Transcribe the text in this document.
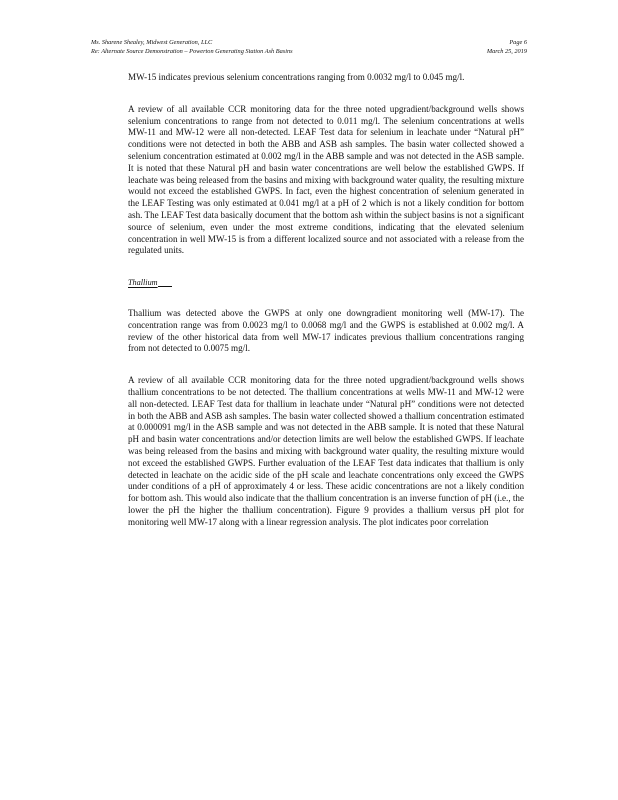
Ms. Sharene Shealey, Midwest Generation, LLC	Page 6
Re: Alternate Source Demonstration – Powerton Generating Station Ash Basins	March 25, 2019

MW-15 indicates previous selenium concentrations ranging from 0.0032 mg/l to 0.045 mg/l.

A review of all available CCR monitoring data for the three noted upgradient/background wells shows selenium concentrations to range from not detected to 0.011 mg/l. The selenium concentrations at wells MW-11 and MW-12 were all non-detected. LEAF Test data for selenium in leachate under “Natural pH” conditions were not detected in both the ABB and ASB ash samples. The basin water collected showed a selenium concentration estimated at 0.002 mg/l in the ABB sample and was not detected in the ASB sample. It is noted that these Natural pH and basin water concentrations are well below the established GWPS. If leachate was being released from the basins and mixing with background water quality, the resulting mixture would not exceed the established GWPS. In fact, even the highest concentration of selenium generated in the LEAF Testing was only estimated at 0.041 mg/l at a pH of 2 which is not a likely condition for bottom ash. The LEAF Test data basically document that the bottom ash within the subject basins is not a significant source of selenium, even under the most extreme conditions, indicating that the elevated selenium concentration in well MW-15 is from a different localized source and not associated with a release from the regulated units.

Thallium

Thallium was detected above the GWPS at only one downgradient monitoring well (MW-17). The concentration range was from 0.0023 mg/l to 0.0068 mg/l and the GWPS is established at 0.002 mg/l. A review of the other historical data from well MW-17 indicates previous thallium concentrations ranging from not detected to 0.0075 mg/l.

A review of all available CCR monitoring data for the three noted upgradient/background wells shows thallium concentrations to be not detected. The thallium concentrations at wells MW-11 and MW-12 were all non-detected. LEAF Test data for thallium in leachate under “Natural pH” conditions were not detected in both the ABB and ASB ash samples. The basin water collected showed a thallium concentration estimated at 0.000091 mg/l in the ASB sample and was not detected in the ABB sample. It is noted that these Natural pH and basin water concentrations and/or detection limits are well below the established GWPS. If leachate was being released from the basins and mixing with background water quality, the resulting mixture would not exceed the established GWPS. Further evaluation of the LEAF Test data indicates that thallium is only detected in leachate on the acidic side of the pH scale and leachate concentrations only exceed the GWPS under conditions of a pH of approximately 4 or less. These acidic concentrations are not a likely condition for bottom ash. This would also indicate that the thallium concentration is an inverse function of pH (i.e., the lower the pH the higher the thallium concentration). Figure 9 provides a thallium versus pH plot for monitoring well MW-17 along with a linear regression analysis. The plot indicates poor correlation
